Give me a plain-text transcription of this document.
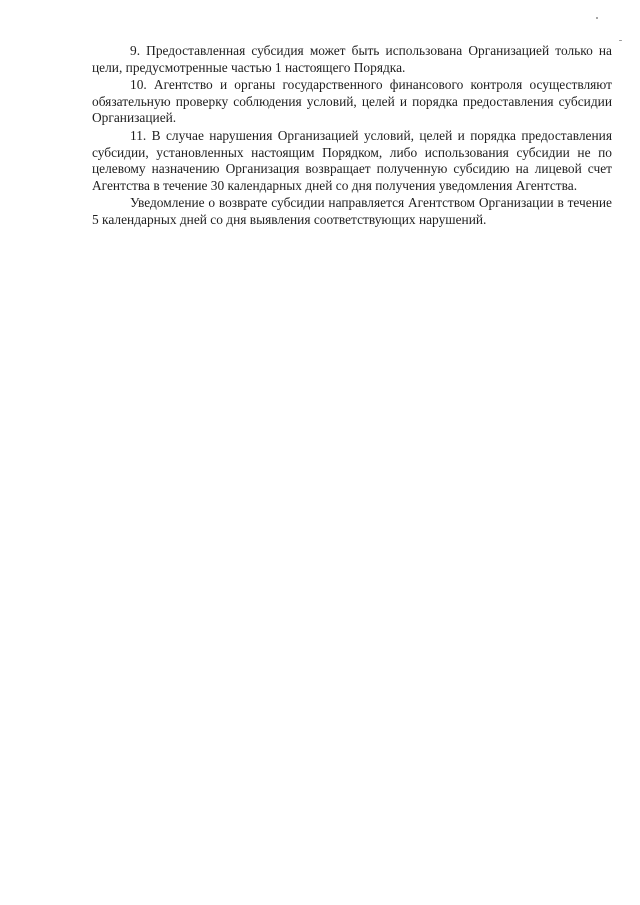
9. Предоставленная субсидия может быть использована Организацией только на цели, предусмотренные частью 1 настоящего Порядка.

10. Агентство и органы государственного финансового контроля осуществляют обязательную проверку соблюдения условий, целей и порядка предоставления субсидии Организацией.

11. В случае нарушения Организацией условий, целей и порядка предоставления субсидии, установленных настоящим Порядком, либо использования субсидии не по целевому назначению Организация возвращает полученную субсидию на лицевой счет Агентства в течение 30 календарных дней со дня получения уведомления Агентства.

Уведомление о возврате субсидии направляется Агентством Организации в течение 5 календарных дней со дня выявления соответствующих нарушений.
